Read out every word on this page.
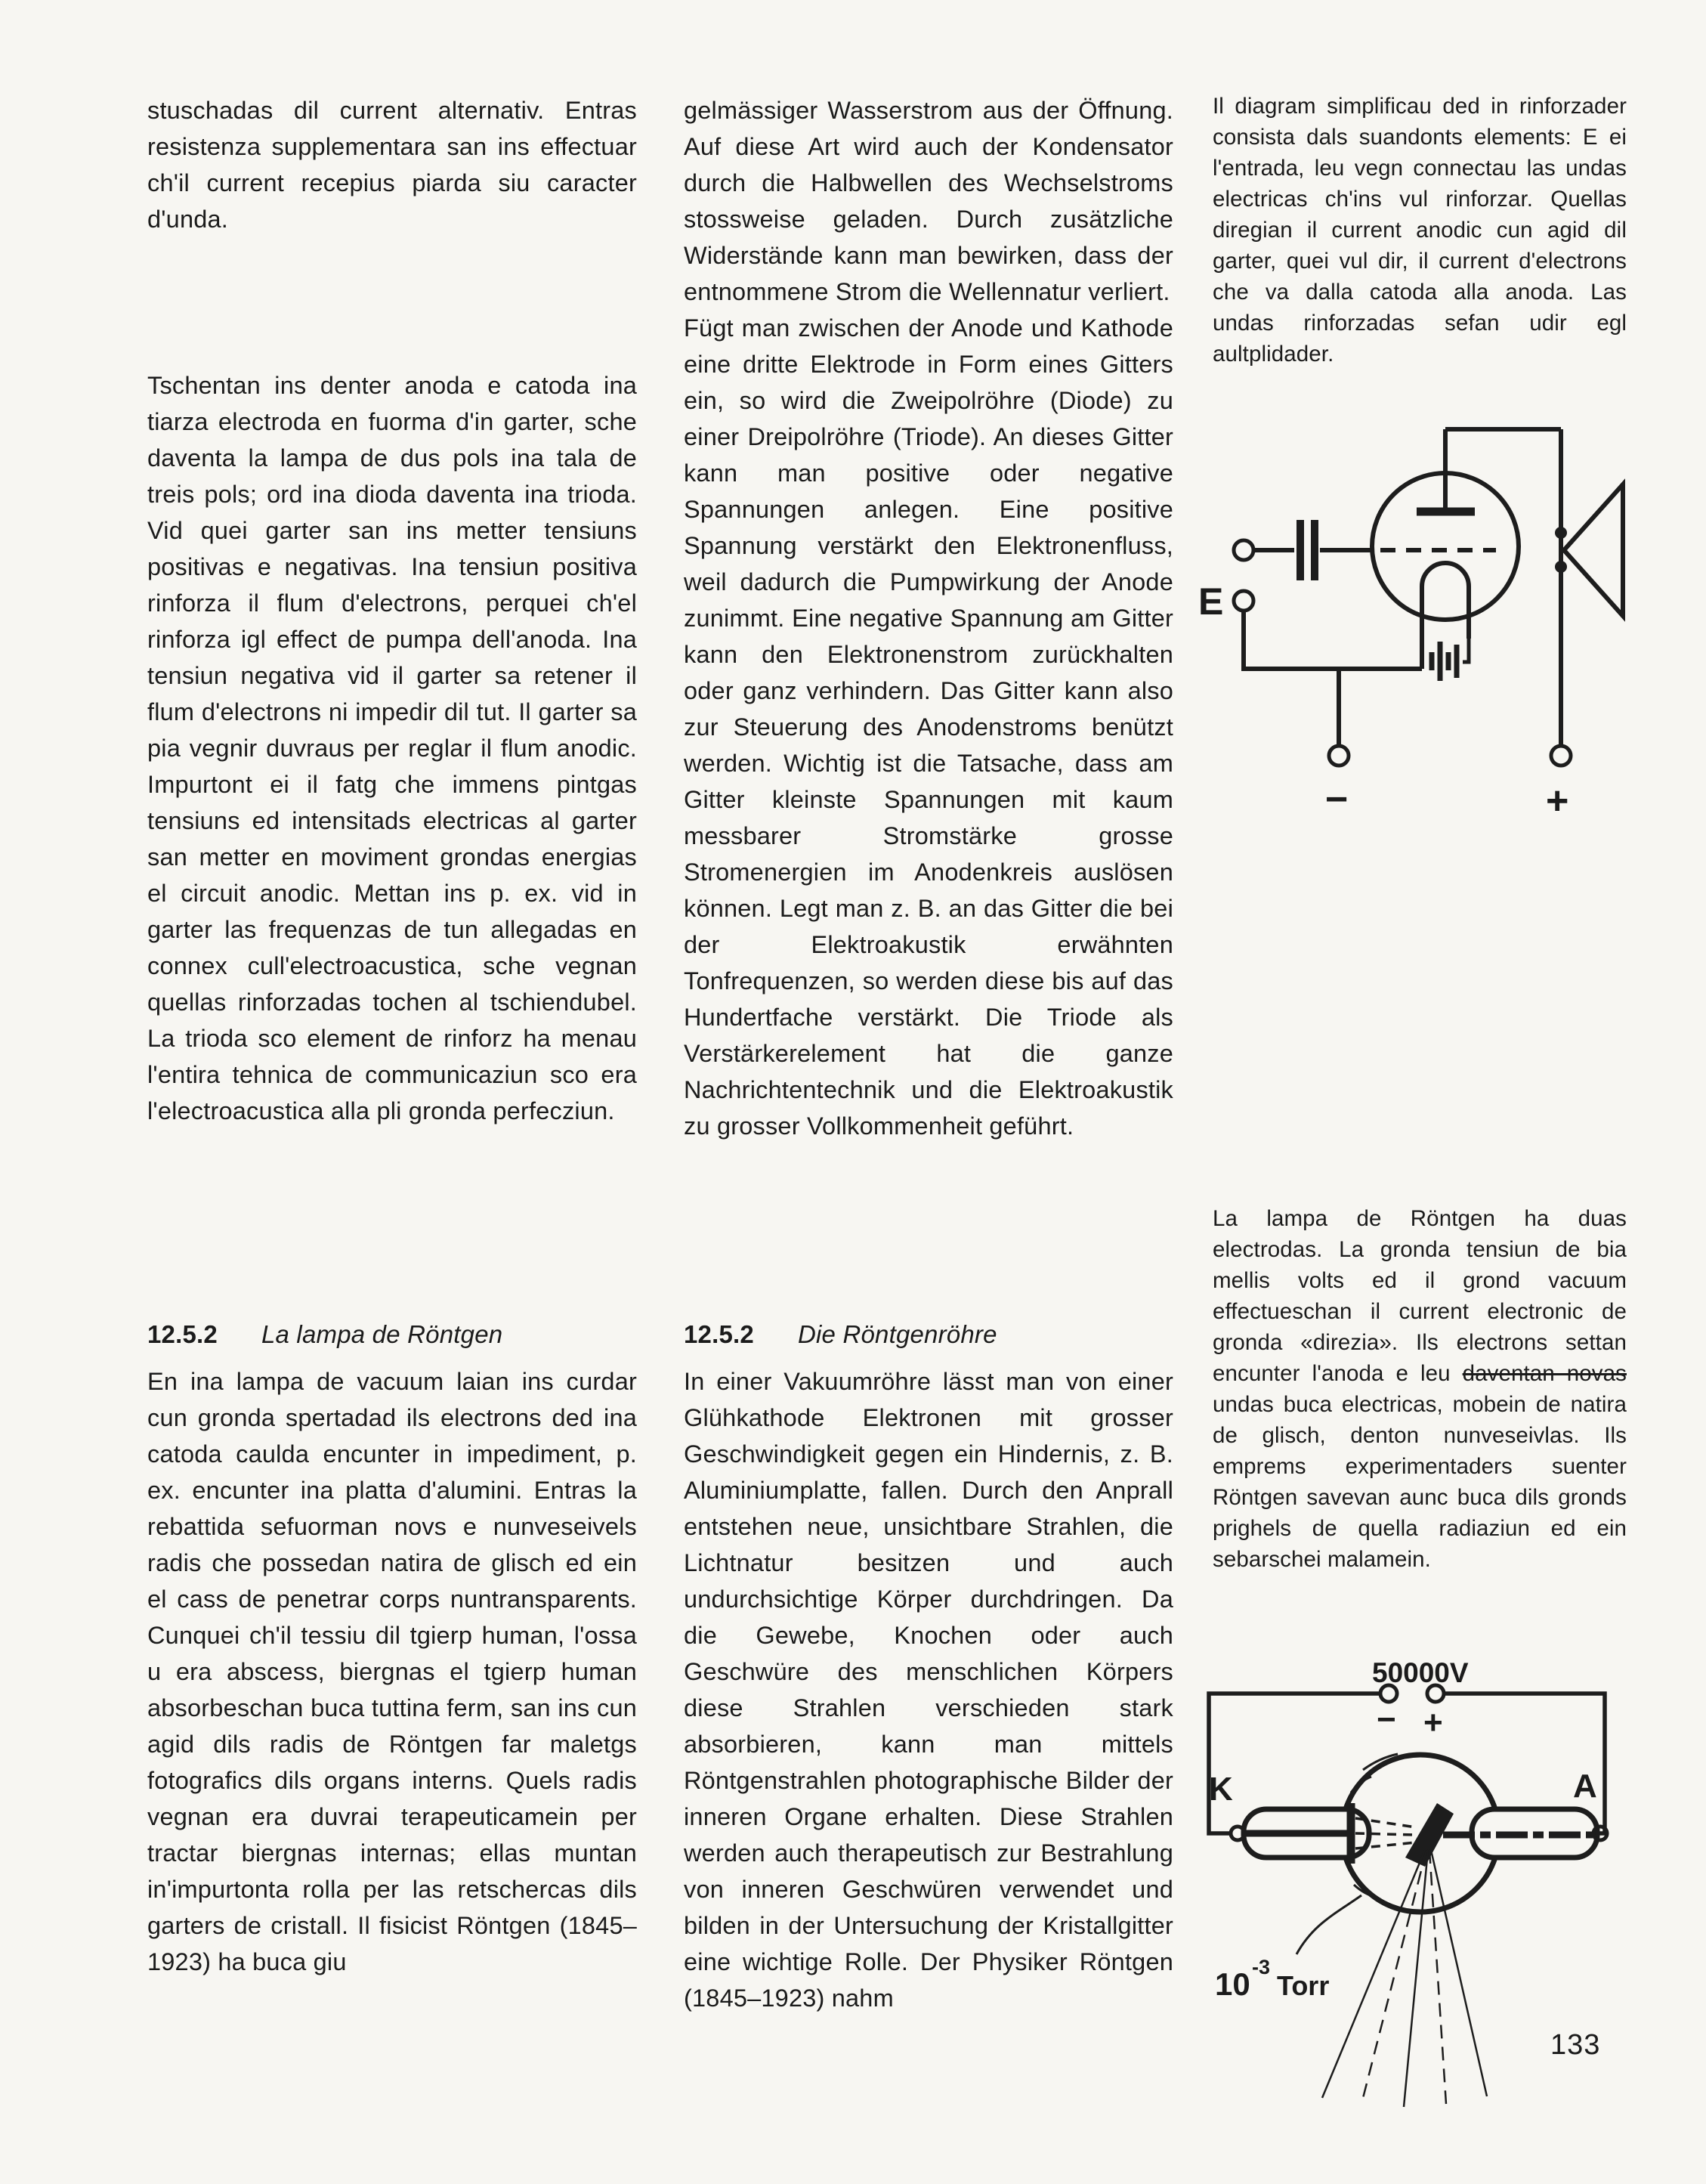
stuschadas dil current alternativ. Entras resistenza supplementara san ins effectuar ch'il current recepius piarda siu caracter d'unda.

Tschentan ins denter anoda e catoda ina tiarza electroda en fuorma d'in garter, sche daventa la lampa de dus pols ina tala de treis pols; ord ina dioda daventa ina trioda. Vid quei garter san ins metter tensiuns positivas e negativas. Ina tensiun positiva rinforza il flum d'electrons, perquei ch'el rinforza igl effect de pumpa dell'anoda. Ina tensiun negativa vid il garter sa retener il flum d'electrons ni impedir dil tut. Il garter sa pia vegnir duvraus per reglar il flum anodic. Impurtont ei il fatg che immens pintgas tensiuns ed intensitads electricas al garter san metter en moviment grondas energias el circuit anodic. Mettan ins p. ex. vid in garter las frequenzas de tun allegadas en connex cull'electroacustica, sche vegnan quellas rinforzadas tochen al tschiendubel. La trioda sco element de rinforz ha menau l'entira tehnica de communicaziun sco era l'electroacustica alla pli gronda perfecziun.

12.5.2 La lampa de Röntgen

En ina lampa de vacuum laian ins curdar cun gronda spertadad ils electrons ded ina catoda caulda encunter in impediment, p. ex. encunter ina platta d'alumini. Entras la rebattida sefuorman novs e nunveseivels radis che possedan natira de glisch ed ein el cass de penetrar corps nuntransparents. Cunquei ch'il tessiu dil tgierp human, l'ossa u era abscess, biergnas el tgierp human absorbeschan buca tuttina ferm, san ins cun agid dils radis de Röntgen far maletgs fotografics dils organs interns. Quels radis vegnan era duvrai terapeuticamein per tractar biergnas internas; ellas muntan in'impurtonta rolla per las retschercas dils garters de cristall. Il fisicist Röntgen (1845–1923) ha buca giu

gelmässiger Wasserstrom aus der Öffnung. Auf diese Art wird auch der Kondensator durch die Halbwellen des Wechselstroms stossweise geladen. Durch zusätzliche Widerstände kann man bewirken, dass der entnommene Strom die Wellennatur verliert.

Fügt man zwischen der Anode und Kathode eine dritte Elektrode in Form eines Gitters ein, so wird die Zweipolröhre (Diode) zu einer Dreipolröhre (Triode). An dieses Gitter kann man positive oder negative Spannungen anlegen. Eine positive Spannung verstärkt den Elektronenfluss, weil dadurch die Pumpwirkung der Anode zunimmt. Eine negative Spannung am Gitter kann den Elektronenstrom zurückhalten oder ganz verhindern. Das Gitter kann also zur Steuerung des Anodenstroms benützt werden. Wichtig ist die Tatsache, dass am Gitter kleinste Spannungen mit kaum messbarer Stromstärke grosse Stromenergien im Anodenkreis auslösen können. Legt man z. B. an das Gitter die bei der Elektroakustik erwähnten Tonfrequenzen, so werden diese bis auf das Hundertfache verstärkt. Die Triode als Verstärkerelement hat die ganze Nachrichtentechnik und die Elektroakustik zu grosser Vollkommenheit geführt.

12.5.2 Die Röntgenröhre

In einer Vakuumröhre lässt man von einer Glühkathode Elektronen mit grosser Geschwindigkeit gegen ein Hindernis, z. B. Aluminiumplatte, fallen. Durch den Anprall entstehen neue, unsichtbare Strahlen, die Lichtnatur besitzen und auch undurchsichtige Körper durchdringen. Da die Gewebe, Knochen oder auch Geschwüre des menschlichen Körpers diese Strahlen verschieden stark absorbieren, kann man mittels Röntgenstrahlen photographische Bilder der inneren Organe erhalten. Diese Strahlen werden auch therapeutisch zur Bestrahlung von inneren Geschwüren verwendet und bilden in der Untersuchung der Kristallgitter eine wichtige Rolle. Der Physiker Röntgen (1845–1923) nahm

Il diagram simplificau ded in rinforzader consista dals suandonts elements: E ei l'entrada, leu vegn connectau las undas electricas ch'ins vul rinforzar. Quellas diregian il current anodic cun agid dil garter, quei vul dir, il current d'electrons che va dalla catoda alla anoda. Las undas rinforzadas sefan udir egl aultplidader.

E
−	+

La lampa de Röntgen ha duas electrodas. La gronda tensiun de bia mellis volts ed il grond vacuum effectueschan il current electronic de gronda «direzia». Ils electrons settan encunter l'anoda e leu daventan novas undas buca electricas, mobein de natira de glisch, denton nunveseivlas. Ils emprems experimentaders suenter Röntgen savevan aunc buca dils gronds prighels de quella radiaziun ed ein sebarschei malamein.

50000V
− +
K	A
10 -3
Torr
133
